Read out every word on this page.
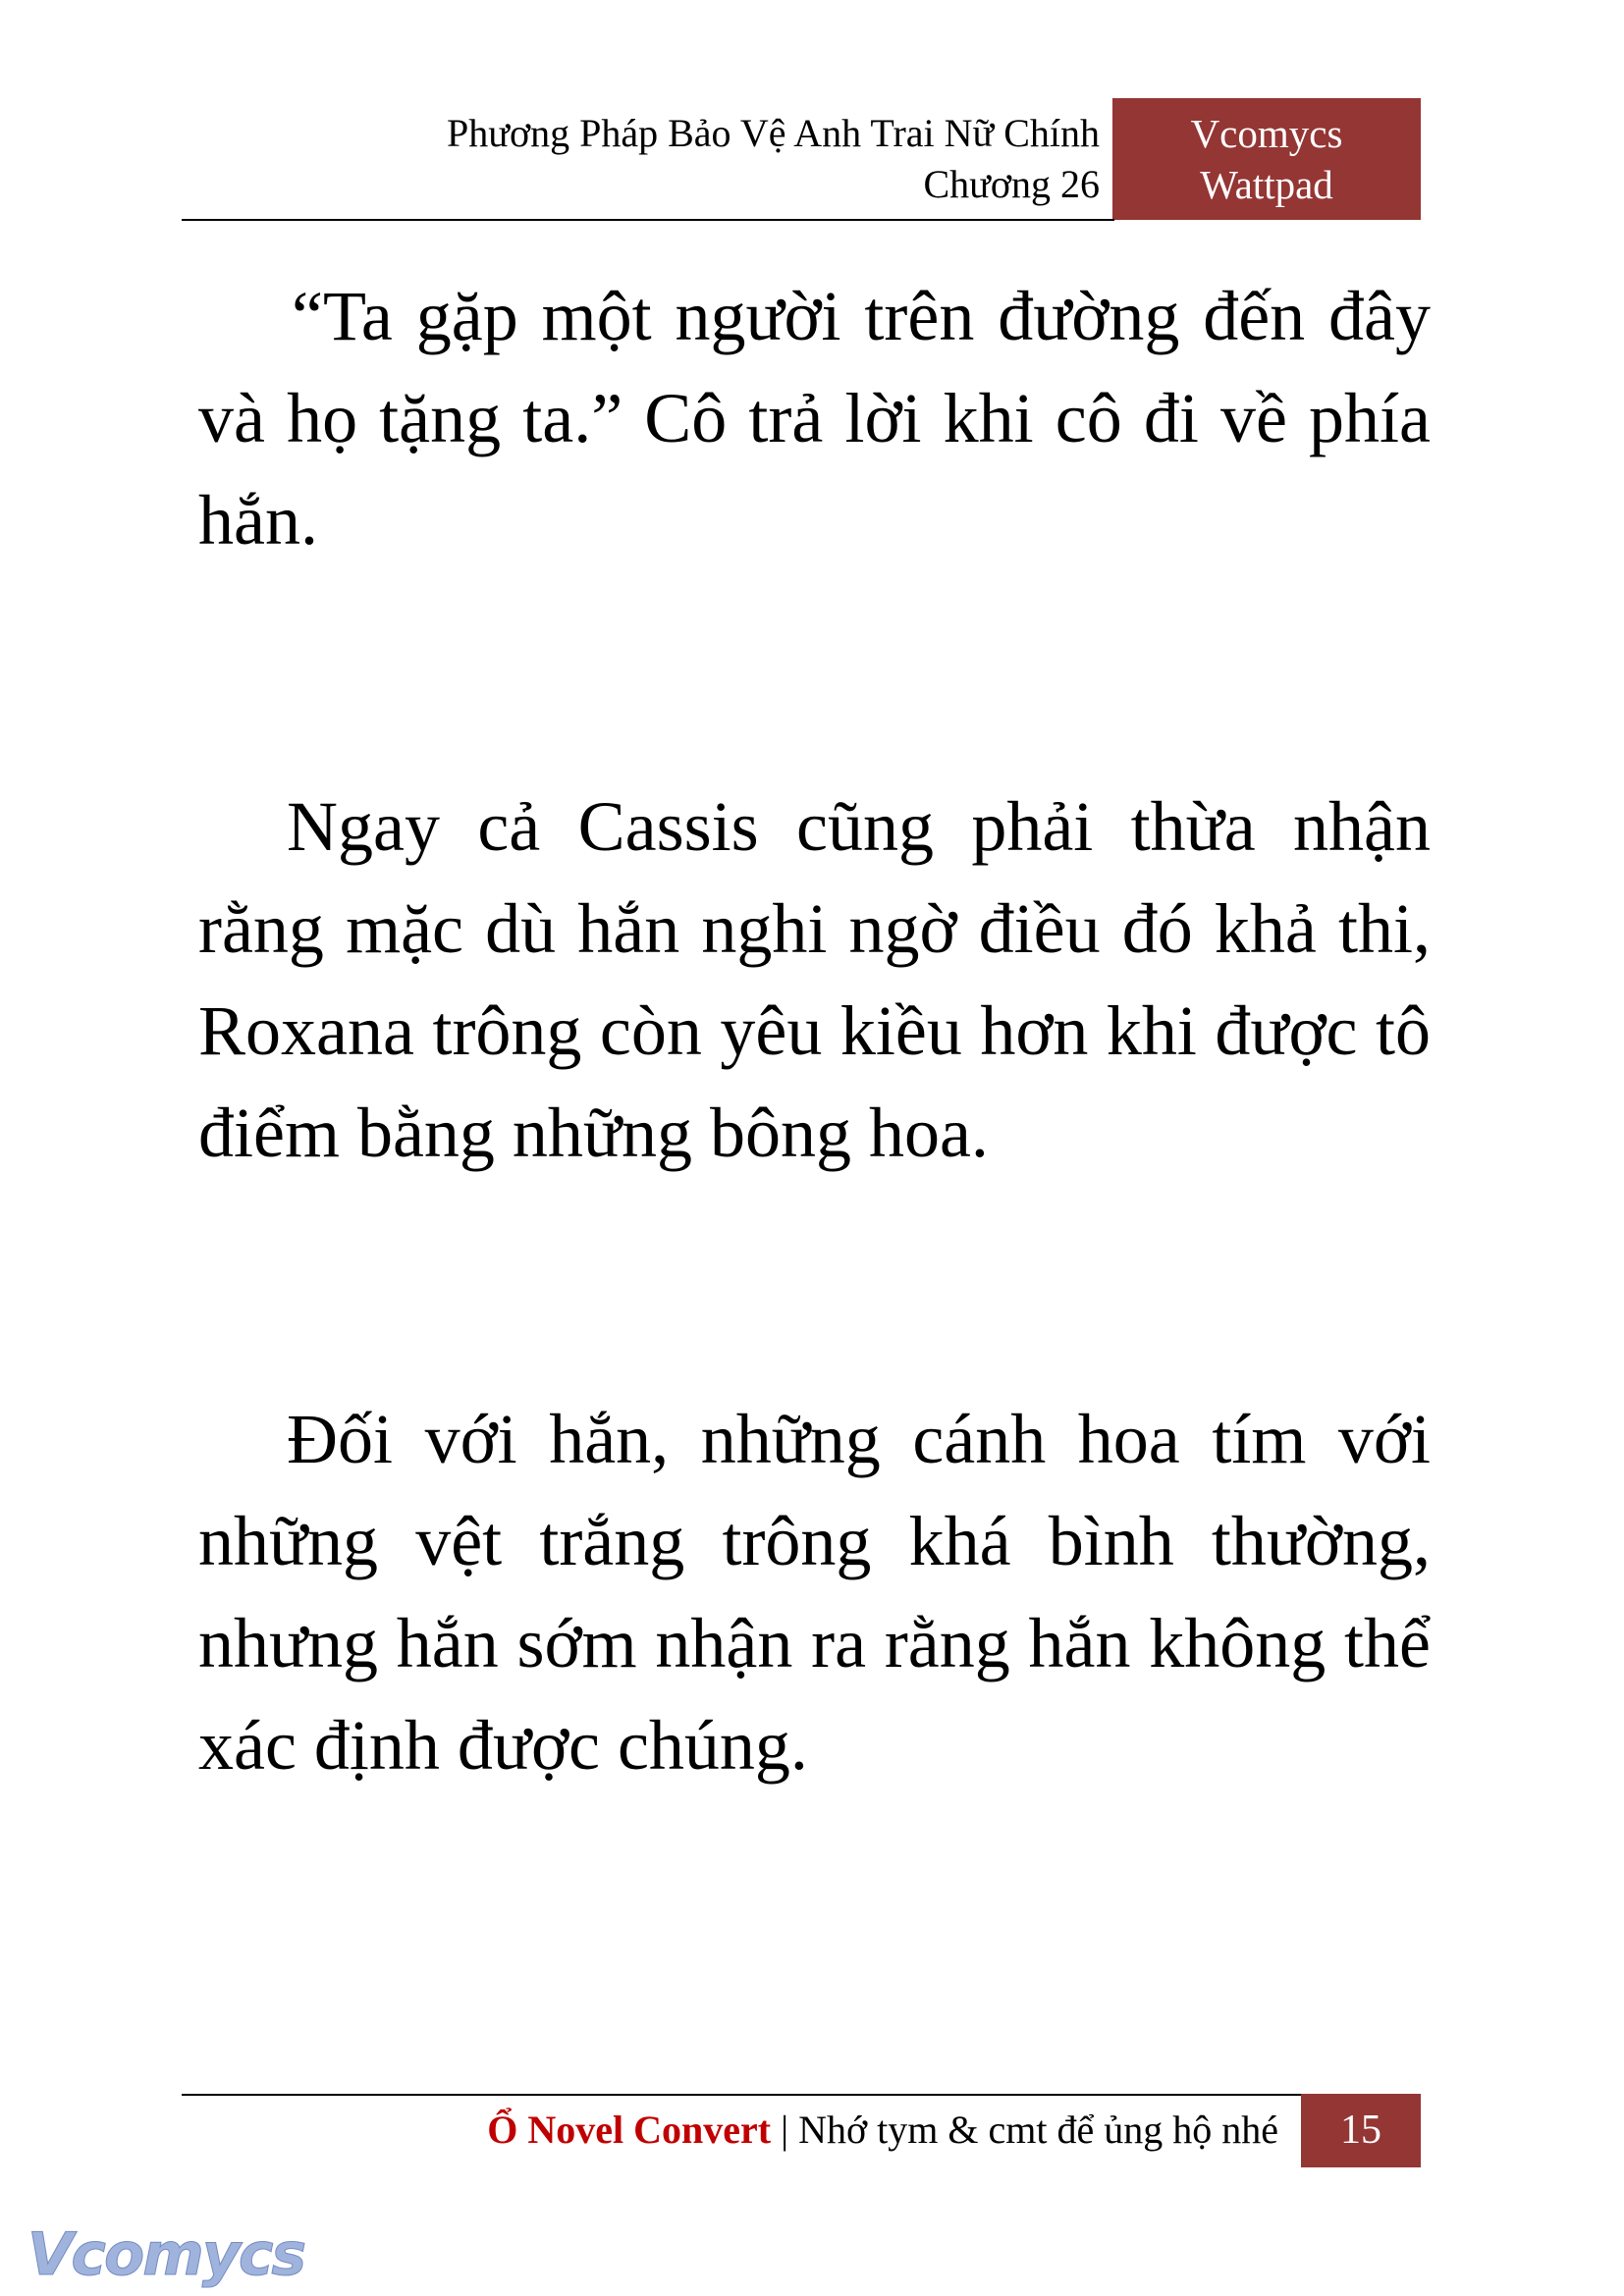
Phương Pháp Bảo Vệ Anh Trai Nữ Chính
Chương 26
Vcomycs
Wattpad

“Ta gặp một người trên đường đến đây và họ tặng ta.” Cô trả lời khi cô đi về phía hắn.

Ngay cả Cassis cũng phải thừa nhận rằng mặc dù hắn nghi ngờ điều đó khả thi, Roxana trông còn yêu kiều hơn khi được tô điểm bằng những bông hoa.

Đối với hắn, những cánh hoa tím với những vệt trắng trông khá bình thường, nhưng hắn sớm nhận ra rằng hắn không thể xác định được chúng.

Ổ Novel Convert | Nhớ tym & cmt để ủng hộ nhé	15
Vcomycs
